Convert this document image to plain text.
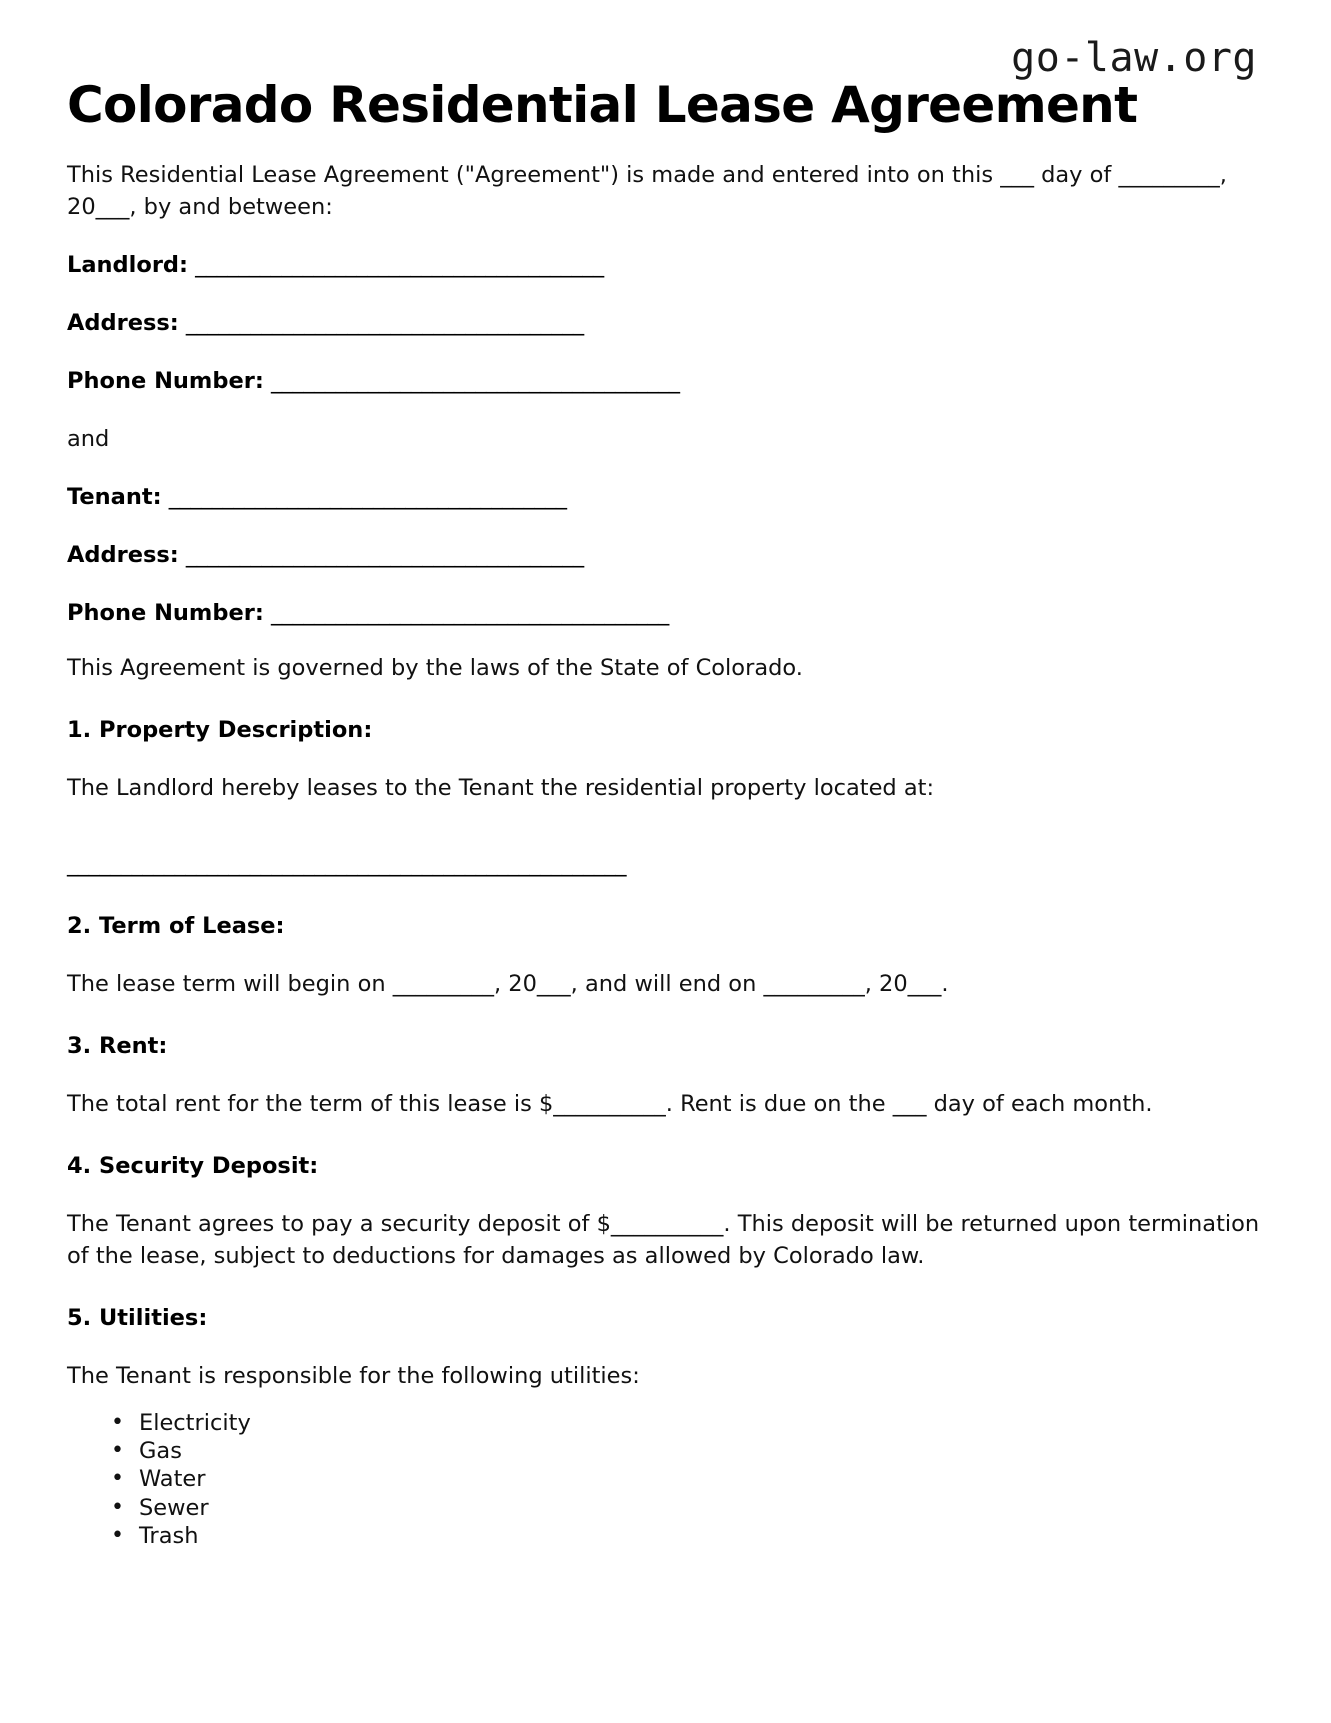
go-law.org
Colorado Residential Lease Agreement

This Residential Lease Agreement ("Agreement") is made and entered into on this ___ day of _________, 20___, by and between:

Landlord: ______________________________________
Address: _____________________________________
Phone Number: ______________________________________

and

Tenant: _____________________________________
Address: _____________________________________
Phone Number: _____________________________________

This Agreement is governed by the laws of the State of Colorado.

1. Property Description:

The Landlord hereby leases to the Tenant the residential property located at:

____________________________________________________
2. Term of Lease:

The lease term will begin on _________, 20___, and will end on _________, 20___.

3. Rent:

The total rent for the term of this lease is $__________. Rent is due on the ___ day of each month.

4. Security Deposit:

The Tenant agrees to pay a security deposit of $__________. This deposit will be returned upon termination of the lease, subject to deductions for damages as allowed by Colorado law.

5. Utilities:

The Tenant is responsible for the following utilities:

• Electricity
• Gas
• Water
• Sewer
• Trash
